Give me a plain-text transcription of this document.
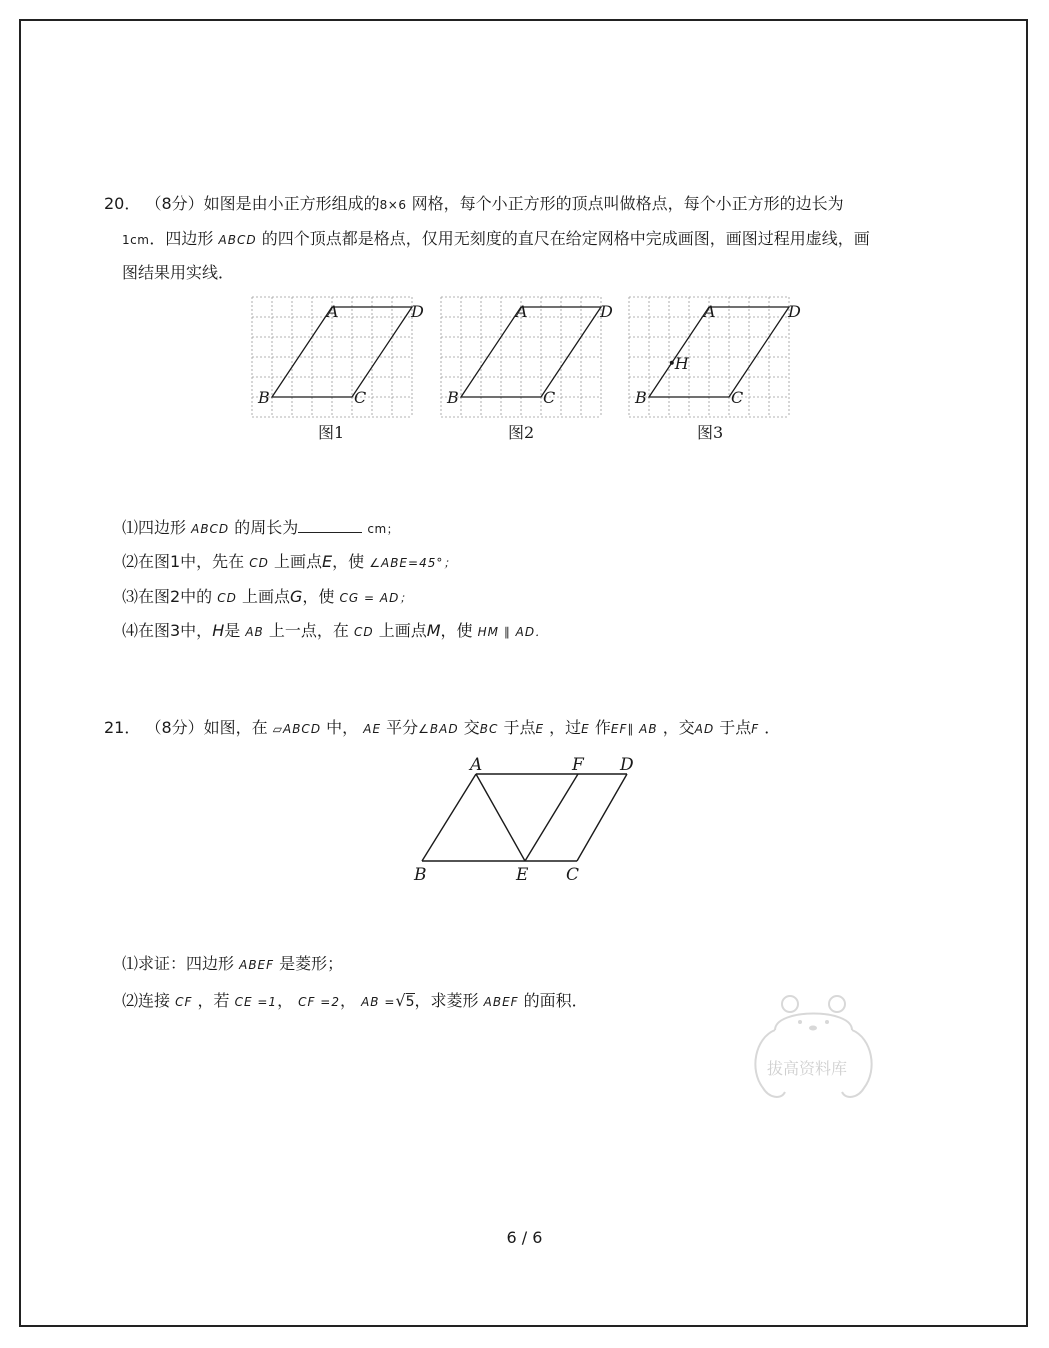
20． （8分）如图是由小正方形组成的8×6 网格，每个小正方形的顶点叫做格点，每个小正方形的边长为
1cm．四边形 ABCD 的四个顶点都是格点，仅用无刻度的直尺在给定网格中完成画图，画图过程用虚线，画
图结果用实线．
A	D
B	C
A	D
B	C
A	D
B	C
H
图1	图2	图3
⑴四边形 ABCD 的周长为	cm；
⑵在图1中，先在 CD 上画点E，使 ∠ABE=45°；
⑶在图2中的 CD 上画点G，使 CG = AD；
⑷在图3中，H是 AB 上一点，在 CD 上画点M，使 HM ∥ AD．
21． （8分）如图，在 ▱ABCD 中， AE 平分∠BAD 交BC 于点E ，过E 作EF∥ AB ，交AD 于点F ．
A	F D
B	E C
⑴求证：四边形 ABEF 是菱形；
⑵连接 CF ，若 CE =1， CF =2， AB =√5，求菱形 ABEF 的面积．
拔高资料库
6 / 6
